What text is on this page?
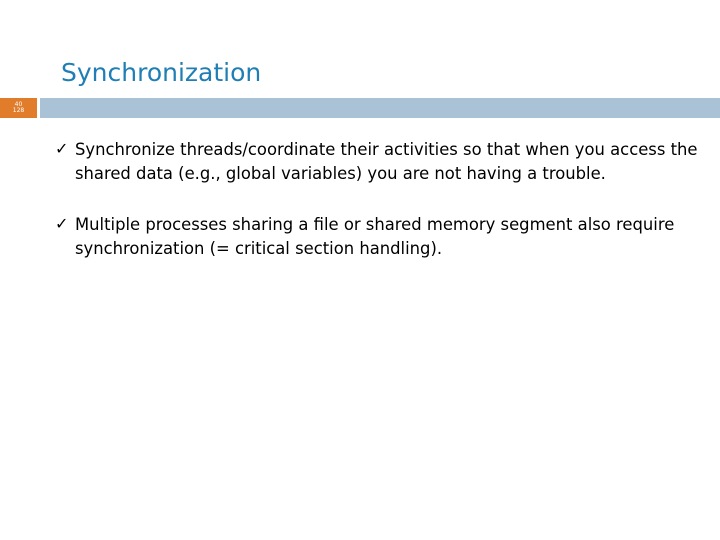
Synchronization
40
128
✓ Synchronize threads/coordinate their activities so that when you access the shared data (e.g., global variables) you are not having a trouble.
✓ Multiple processes sharing a ﬁle or shared memory segment also require synchronization (= critical section handling).
